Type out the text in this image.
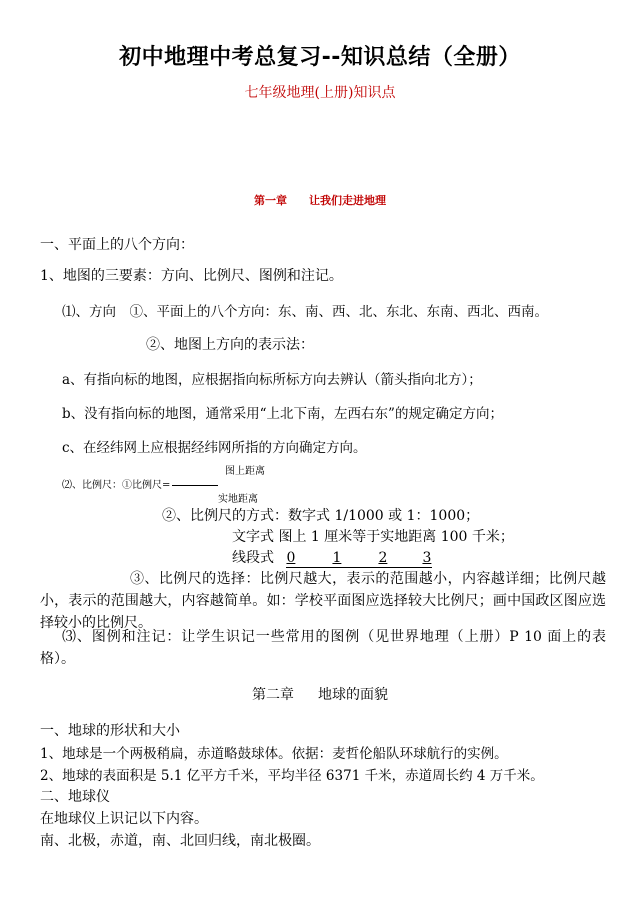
初中地理中考总复习--知识总结（全册）
七年级地理(上册)知识点
第一章 让我们走进地理
一、平面上的八个方向：
1、地图的三要素：方向、比例尺、图例和注记。
⑴、方向　①、平面上的八个方向：东、南、西、北、东北、东南、西北、西南。
②、地图上方向的表示法：
a、有指向标的地图，应根据指向标所标方向去辨认（箭头指向北方）；
b、没有指向标的地图，通常采用“上北下南，左西右东”的规定确定方向；
c、在经纬网上应根据经纬网所指的方向确定方向。
图上距离
⑵、比例尺：①比例尺=
实地距离
②、比例尺的方式：数字式 1/1000 或 1：1000；
文字式 图上 1 厘米等于实地距离 100 千米；
线段式 0	1	2	3
③、比例尺的选择：比例尺越大，表示的范围越小，内容越详细；比例尺越小，表示的范围越大，内容越简单。如：学校平面图应选择较大比例尺；画中国政区图应选择较小的比例尺。
⑶、图例和注记：让学生识记一些常用的图例（见世界地理（上册）P 10 面上的表格）。
第二章 地球的面貌
一、地球的形状和大小
1、地球是一个两极稍扁，赤道略鼓球体。依据：麦哲伦船队环球航行的实例。
2、地球的表面积是 5.1 亿平方千米，平均半径 6371 千米，赤道周长约 4 万千米。
二、地球仪
在地球仪上识记以下内容。
南、北极，赤道，南、北回归线，南北极圈。
